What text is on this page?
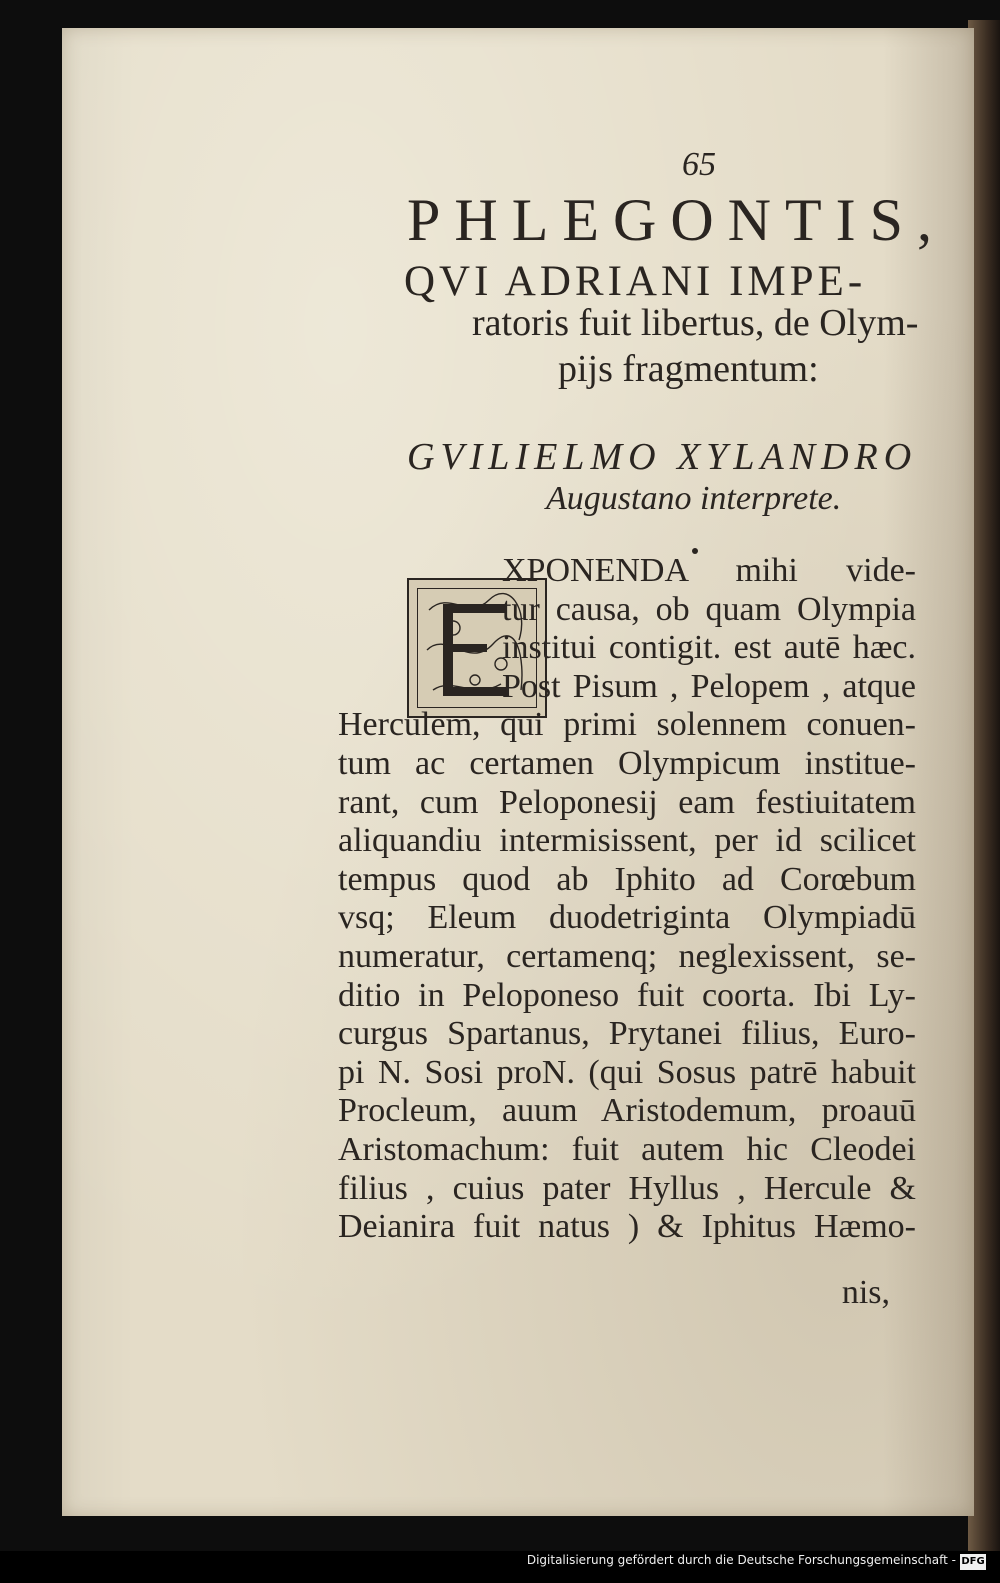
65

PHLEGONTIS,

QVI ADRIANI IMPE-

ratoris fuit libertus, de Olym-

pijs fragmentum:

GVILIELMO XYLANDRO

Augustano interprete.

XPONENDA mihi vide-

tur causa, ob quam Olympia

institui contigit. est autē hæc.

Post Pisum , Pelopem , atque

Herculem, qui primi solennem conuen-

tum ac certamen Olympicum institue-

rant, cum Peloponesij eam festiuitatem

aliquandiu intermisissent, per id scilicet

tempus quod ab Iphito ad Corœbum

vsq; Eleum duodetriginta Olympiadū

numeratur, certamenq; neglexissent, se-

ditio in Peloponeso fuit coorta. Ibi Ly-

curgus Spartanus, Prytanei filius, Euro-

pi N. Sosi proN. (qui Sosus patrē habuit

Procleum, auum Aristodemum, proauū

Aristomachum: fuit autem hic Cleodei

filius , cuius pater Hyllus , Hercule &

Deianira fuit natus ) & Iphitus Hæmo-

nis,

Digitalisierung gefördert durch die Deutsche Forschungsgemeinschaft - DFG
